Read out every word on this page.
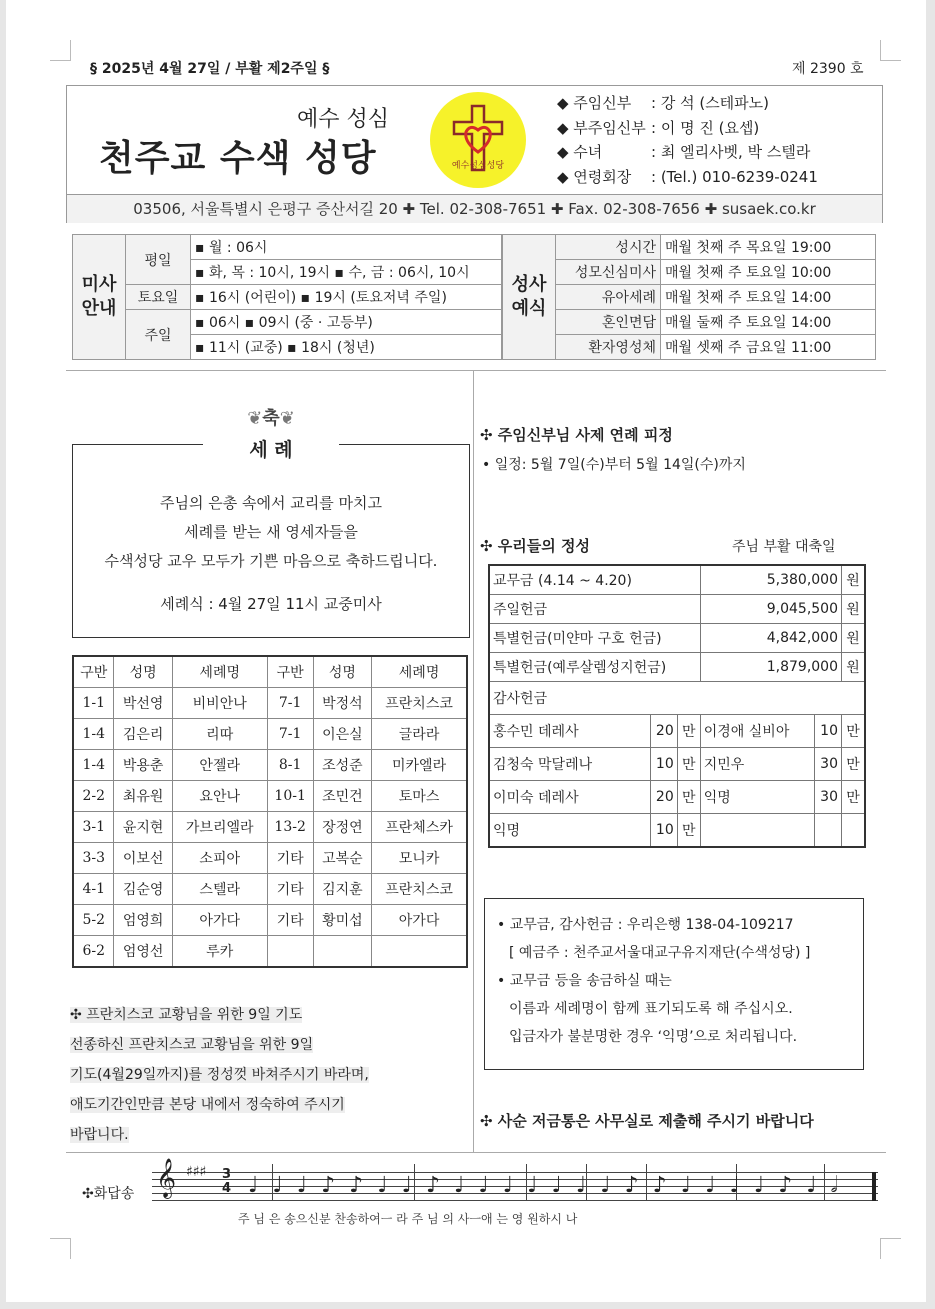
§ 2025년 4월 27일 / 부활 제2주일 §	제 2390 호
예수 성심
천주교 수색 성당	예수성심성당
◆ 주임신부 : 강 석 (스테파노)
◆ 부주임신부 : 이 명 진 (요셉)
◆ 수녀	: 최 엘리사벳, 박 스텔라
◆ 연령회장 : (Tel.) 010-6239-0241
03506, 서울특별시 은평구 증산서길 20 ✚ Tel. 02-308-7651 ✚ Fax. 02-308-7656 ✚ susaek.co.kr
미사
안내	평일	▪ 월 : 06시
		▪ 화, 목 : 10시, 19시 ▪ 수, 금 : 06시, 10시
	토요일	▪ 16시 (어린이) ▪ 19시 (토요저녁 주일)
	주일	▪ 06시 ▪ 09시 (중 · 고등부)
		▪ 11시 (교중) ▪ 18시 (청년)
성사
예식	성시간	매월 첫째 주 목요일 19:00
	성모신심미사	매월 첫째 주 토요일 10:00
	유아세례	매월 첫째 주 토요일 14:00
	혼인면담	매월 둘째 주 토요일 14:00
	환자영성체	매월 셋째 주 금요일 11:00
❦축❦
세 례
주님의 은총 속에서 교리를 마치고
세례를 받는 새 영세자들을
수색성당 교우 모두가 기쁜 마음으로 축하드립니다.
세례식 : 4월 27일 11시 교중미사
구반	성명	세례명	구반	성명	세례명
1-1	박선영	비비안나	7-1	박정석	프란치스코
1-4	김은리	리따	7-1	이은실	글라라
1-4	박용춘	안젤라	8-1	조성준	미카엘라
2-2	최유원	요안나	10-1	조민건	토마스
3-1	윤지현	가브리엘라	13-2	장정연	프란체스카
3-3	이보선	소피아	기타	고복순	모니카
4-1	김순영	스텔라	기타	김지훈	프란치스코
5-2	엄영희	아가다	기타	황미섭	아가다
6-2	엄영선	루카			
✣ 프란치스코 교황님을 위한 9일 기도
선종하신 프란치스코 교황님을 위한 9일
기도(4월29일까지)를 정성껏 바쳐주시기 바라며,
애도기간인만큼 본당 내에서 정숙하여 주시기
바랍니다.
✣ 주임신부님 사제 연례 피정
• 일정: 5월 7일(수)부터 5월 14일(수)까지
✣ 우리들의 정성	주님 부활 대축일
교무금 (4.14 ~ 4.20)			5,380,000		원
주일헌금			9,045,500		원
특별헌금(미얀마 구호 헌금)			4,842,000		원
특별헌금(예루살렘성지헌금)			1,879,000		원
감사헌금					
홍수민 데레사	20	만	이경애 실비아	10	만
김청숙 막달레나	10	만	지민우	30	만
이미숙 데레사	20	만	익명	30	만
익명	10	만			
• 교무금, 감사헌금 : 우리은행 138-04-109217
[ 예금주 : 천주교서울대교구유지재단(수색성당) ]
• 교무금 등을 송금하실 때는
이름과 세례명이 함께 표기되도록 해 주십시오.
입금자가 불분명한 경우 ‘익명’으로 처리됩니다.
✣ 사순 저금통은 사무실로 제출해 주시기 바랍니다
✣화답송 𝄞 ♯♯♯ 3
4 ♩♩♩♪♪♩♩♪♩♩♩♩♩♩♩♪♪♩♩♩♩♪♩𝅗𝅥
주 님 은 송으신분 찬송하여ㅡ 라 주 님 의 사ㅡ애 는 영 원하시 나
